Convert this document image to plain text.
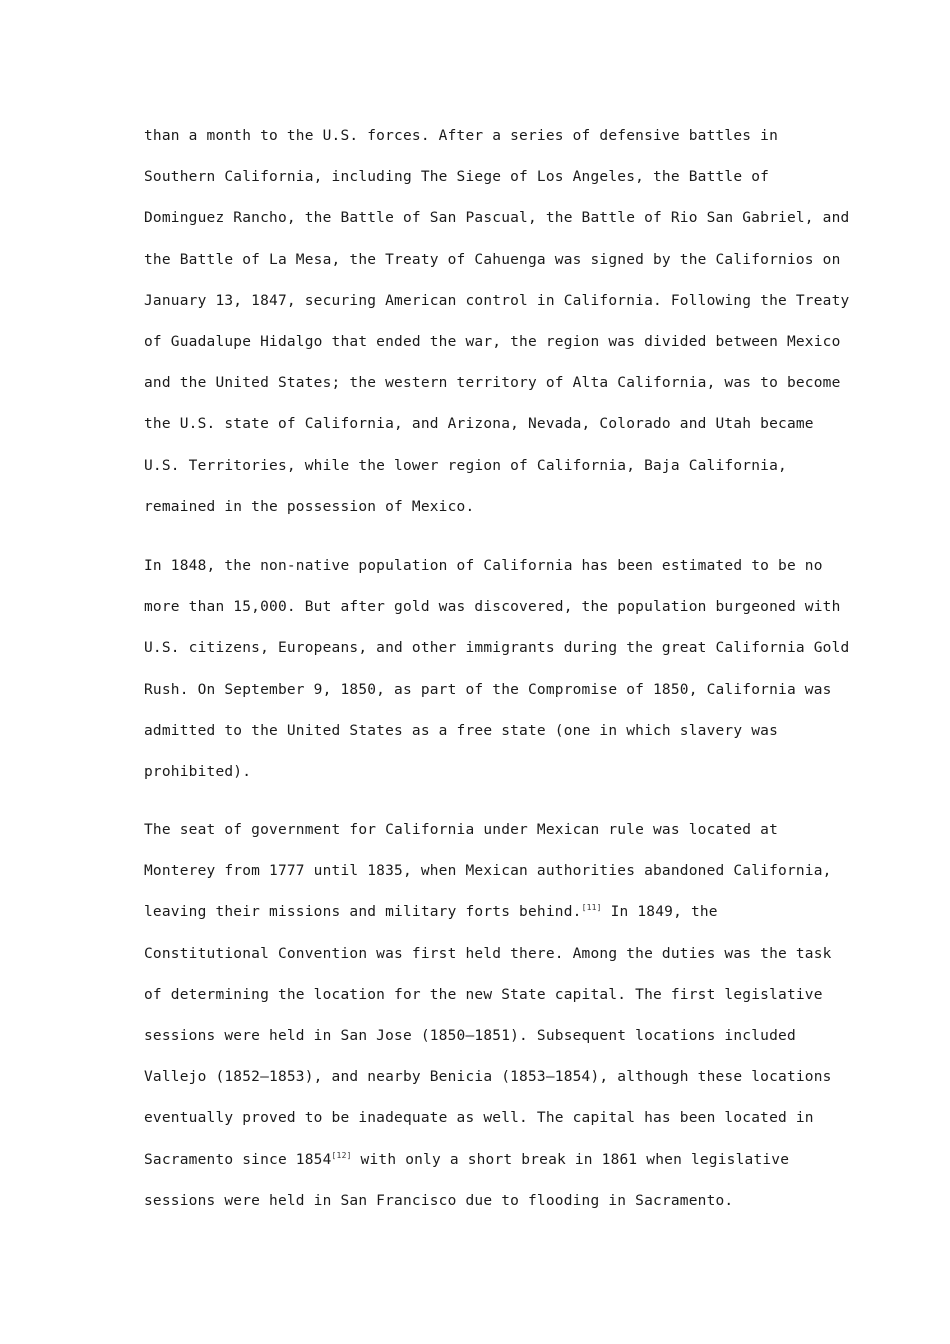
than a month to the U.S. forces. After a series of defensive battles in
Southern California, including The Siege of Los Angeles, the Battle of
Dominguez Rancho, the Battle of San Pascual, the Battle of Rio San Gabriel, and
the Battle of La Mesa, the Treaty of Cahuenga was signed by the Californios on
January 13, 1847, securing American control in California. Following the Treaty
of Guadalupe Hidalgo that ended the war, the region was divided between Mexico
and the United States; the western territory of Alta California, was to become
the U.S. state of California, and Arizona, Nevada, Colorado and Utah became
U.S. Territories, while the lower region of California, Baja California,
remained in the possession of Mexico.
In 1848, the non-native population of California has been estimated to be no
more than 15,000. But after gold was discovered, the population burgeoned with
U.S. citizens, Europeans, and other immigrants during the great California Gold
Rush. On September 9, 1850, as part of the Compromise of 1850, California was
admitted to the United States as a free state (one in which slavery was
prohibited).
The seat of government for California under Mexican rule was located at
Monterey from 1777 until 1835, when Mexican authorities abandoned California,
leaving their missions and military forts behind.[11] In 1849, the
Constitutional Convention was first held there. Among the duties was the task
of determining the location for the new State capital. The first legislative
sessions were held in San Jose (1850–1851). Subsequent locations included
Vallejo (1852–1853), and nearby Benicia (1853–1854), although these locations
eventually proved to be inadequate as well. The capital has been located in
Sacramento since 1854[12] with only a short break in 1861 when legislative
sessions were held in San Francisco due to flooding in Sacramento.
